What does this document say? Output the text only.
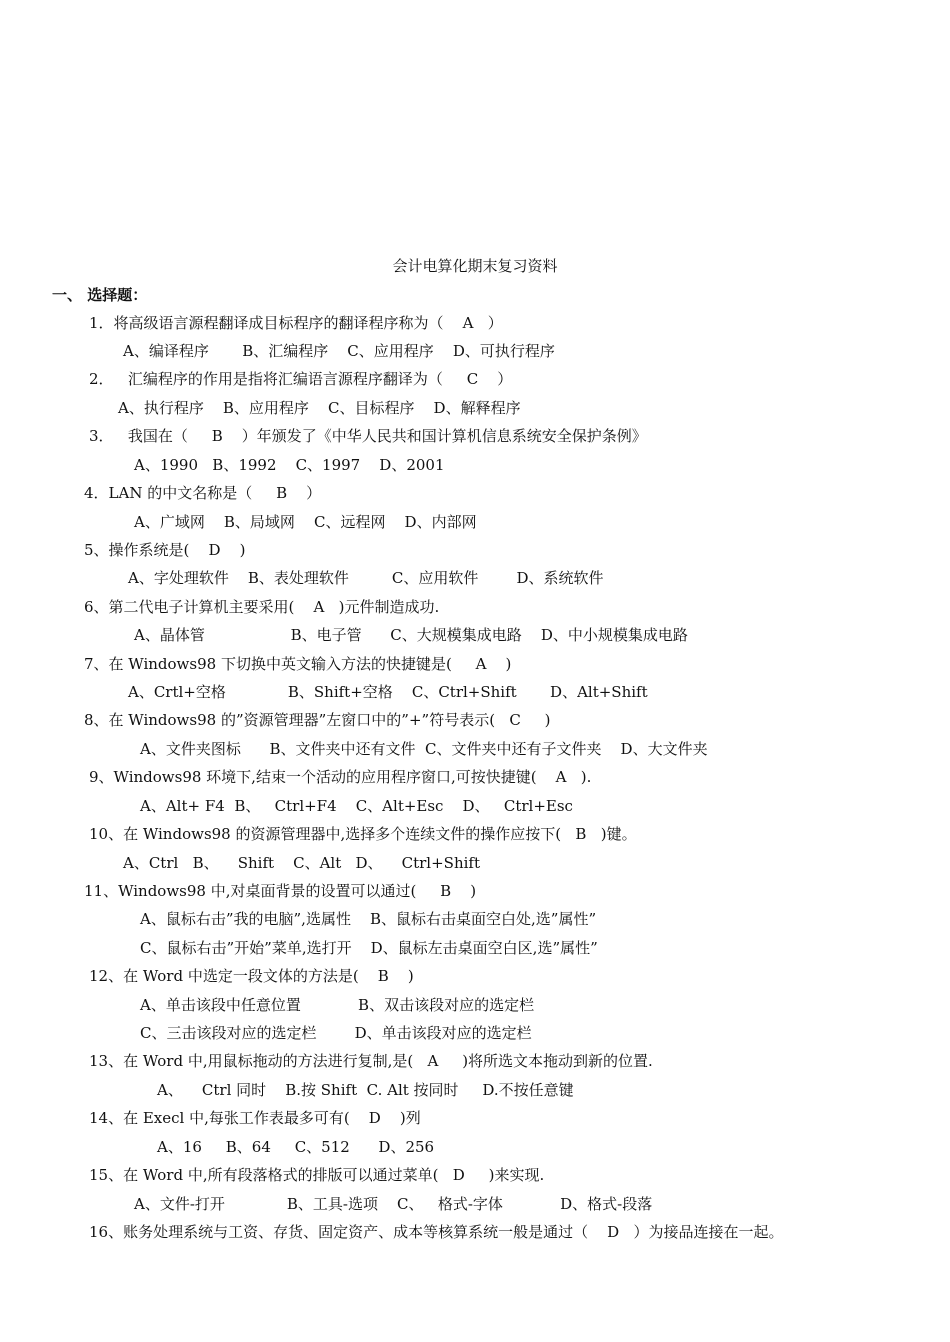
会计电算化期末复习资料
一、 选择题：
1．将高级语言源程翻译成目标程序的翻译程序称为（    A   ）
A、编译程序       B、汇编程序    C、应用程序    D、可执行程序
2．   汇编程序的作用是指将汇编语言源程序翻译为（     C    ）
A、执行程序    B、应用程序    C、目标程序    D、解释程序
3．   我国在（     B    ）年颁发了《中华人民共和国计算机信息系统安全保护条例》
A、1990   B、1992    C、1997    D、2001
4．LAN 的中文名称是（     B    ）
A、广域网    B、局域网    C、远程网    D、内部网
5、操作系统是(    D    )
A、字处理软件    B、表处理软件         C、应用软件        D、系统软件
6、第二代电子计算机主要采用(    A   )元件制造成功.
A、晶体管                  B、电子管      C、大规模集成电路    D、中小规模集成电路
7、在 Windows98 下切换中英文输入方法的快捷键是(     A    )
A、Crtl+空格             B、Shift+空格    C、Ctrl+Shift       D、Alt+Shift
8、在 Windows98 的”资源管理器”左窗口中的”+”符号表示(   C     )
A、文件夹图标      B、文件夹中还有文件  C、文件夹中还有子文件夹    D、大文件夹
9、Windows98 环境下,结束一个活动的应用程序窗口,可按快捷键(    A   ).
A、Alt+ F4  B、   Ctrl+F4    C、Alt+Esc    D、   Ctrl+Esc
10、在 Windows98 的资源管理器中,选择多个连续文件的操作应按下(   B   )键。
A、Ctrl   B、    Shift    C、Alt   D、    Ctrl+Shift
11、Windows98 中,对桌面背景的设置可以通过(     B    )
A、鼠标右击”我的电脑”,选属性    B、鼠标右击桌面空白处,选”属性”
C、鼠标右击”开始”菜单,选打开    D、鼠标左击桌面空白区,选”属性”
12、在 Word 中选定一段文体的方法是(    B    )
A、单击该段中任意位置            B、双击该段对应的选定栏
C、三击该段对应的选定栏        D、单击该段对应的选定栏
13、在 Word 中,用鼠标拖动的方法进行复制,是(   A     )将所选文本拖动到新的位置.
A、    Ctrl 同时    B.按 Shift  C. Alt 按同时     D.不按任意键
14、在 Execl 中,每张工作表最多可有(    D    )列
A、16     B、64     C、512      D、256
15、在 Word 中,所有段落格式的排版可以通过菜单(   D     )来实现.
A、文件-打开             B、工具-选项    C、   格式-字体            D、格式-段落
16、账务处理系统与工资、存货、固定资产、成本等核算系统一般是通过（    D   ）为接品连接在一起。
